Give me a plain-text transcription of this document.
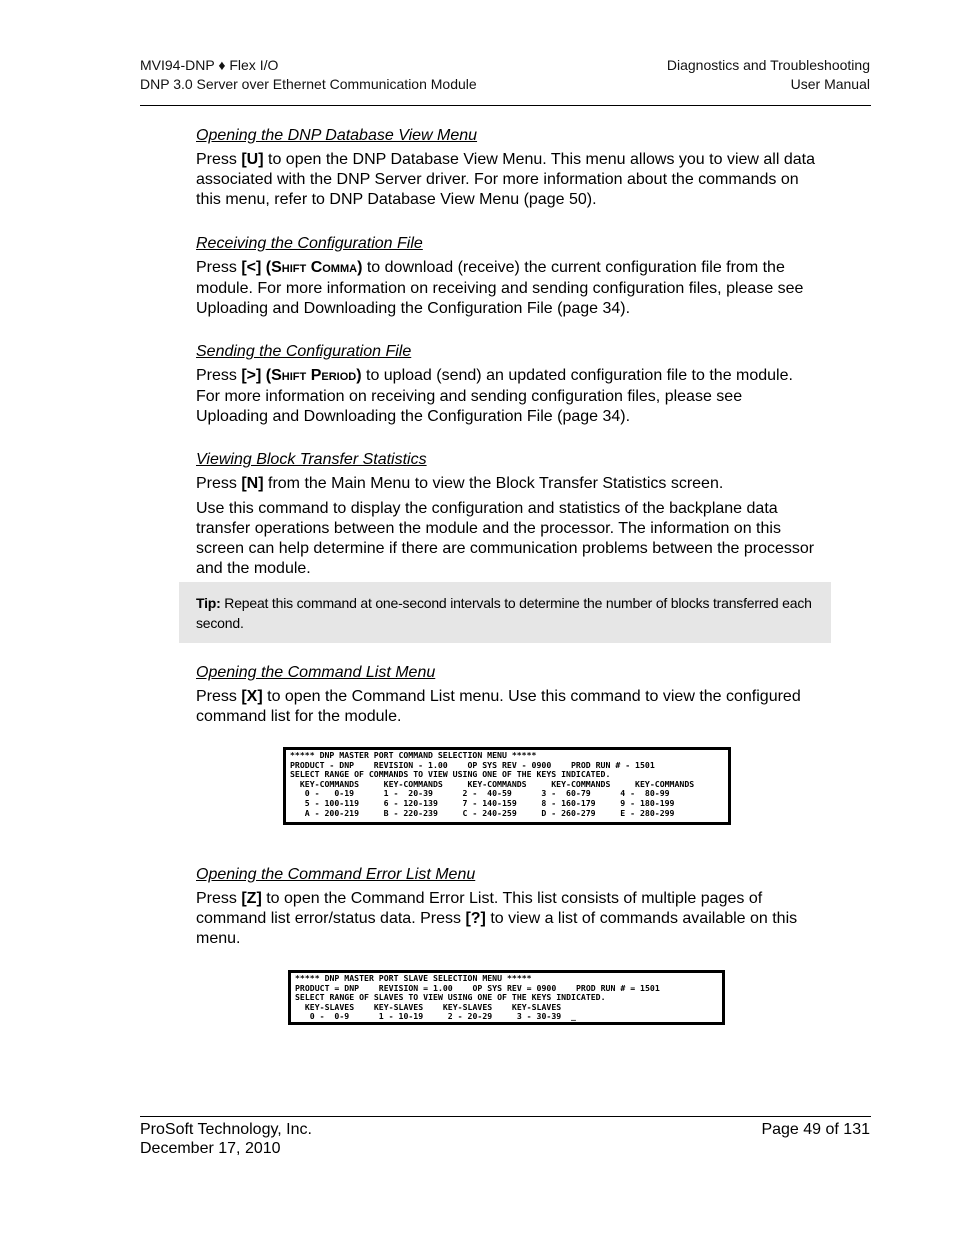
MVI94-DNP ♦ Flex I/O
DNP 3.0 Server over Ethernet Communication Module
Diagnostics and Troubleshooting
User Manual

Opening the DNP Database View Menu

Press [U] to open the DNP Database View Menu. This menu allows you to view all data associated with the DNP Server driver. For more information about the commands on this menu, refer to DNP Database View Menu (page 50).

Receiving the Configuration File

Press [<] (SHIFT COMMA) to download (receive) the current configuration file from the module. For more information on receiving and sending configuration files, please see Uploading and Downloading the Configuration File (page 34).

Sending the Configuration File

Press [>] (SHIFT PERIOD) to upload (send) an updated configuration file to the module. For more information on receiving and sending configuration files, please see Uploading and Downloading the Configuration File (page 34).

Viewing Block Transfer Statistics

Press [N] from the Main Menu to view the Block Transfer Statistics screen.

Use this command to display the configuration and statistics of the backplane data transfer operations between the module and the processor. The information on this screen can help determine if there are communication problems between the processor and the module.

Tip: Repeat this command at one-second intervals to determine the number of blocks transferred each second.

Opening the Command List Menu

Press [X] to open the Command List menu. Use this command to view the configured command list for the module.

***** DNP MASTER PORT COMMAND SELECTION MENU *****
PRODUCT - DNP    REVISION - 1.00    OP SYS REV - 0900    PROD RUN # - 1501
SELECT RANGE OF COMMANDS TO VIEW USING ONE OF THE KEYS INDICATED.
KEY-COMMANDS     KEY-COMMANDS     KEY-COMMANDS     KEY-COMMANDS     KEY-COMMANDS
0 -   0-19      1 -  20-39      2 -  40-59      3 -  60-79      4 -  80-99
5 - 100-119     6 - 120-139     7 - 140-159     8 - 160-179     9 - 180-199
A - 200-219     B - 220-239     C - 240-259     D - 260-279     E - 280-299

Opening the Command Error List Menu

Press [Z] to open the Command Error List. This list consists of multiple pages of command list error/status data. Press [?] to view a list of commands available on this menu.

***** DNP MASTER PORT SLAVE SELECTION MENU *****
PRODUCT = DNP    REVISION = 1.00    OP SYS REV = 0900    PROD RUN # = 1501
SELECT RANGE OF SLAVES TO VIEW USING ONE OF THE KEYS INDICATED.
KEY-SLAVES    KEY-SLAVES    KEY-SLAVES    KEY-SLAVES
0 -  0-9      1 - 10-19     2 - 20-29     3 - 30-39  _
ProSoft Technology, Inc.
December 17, 2010
Page 49 of 131
